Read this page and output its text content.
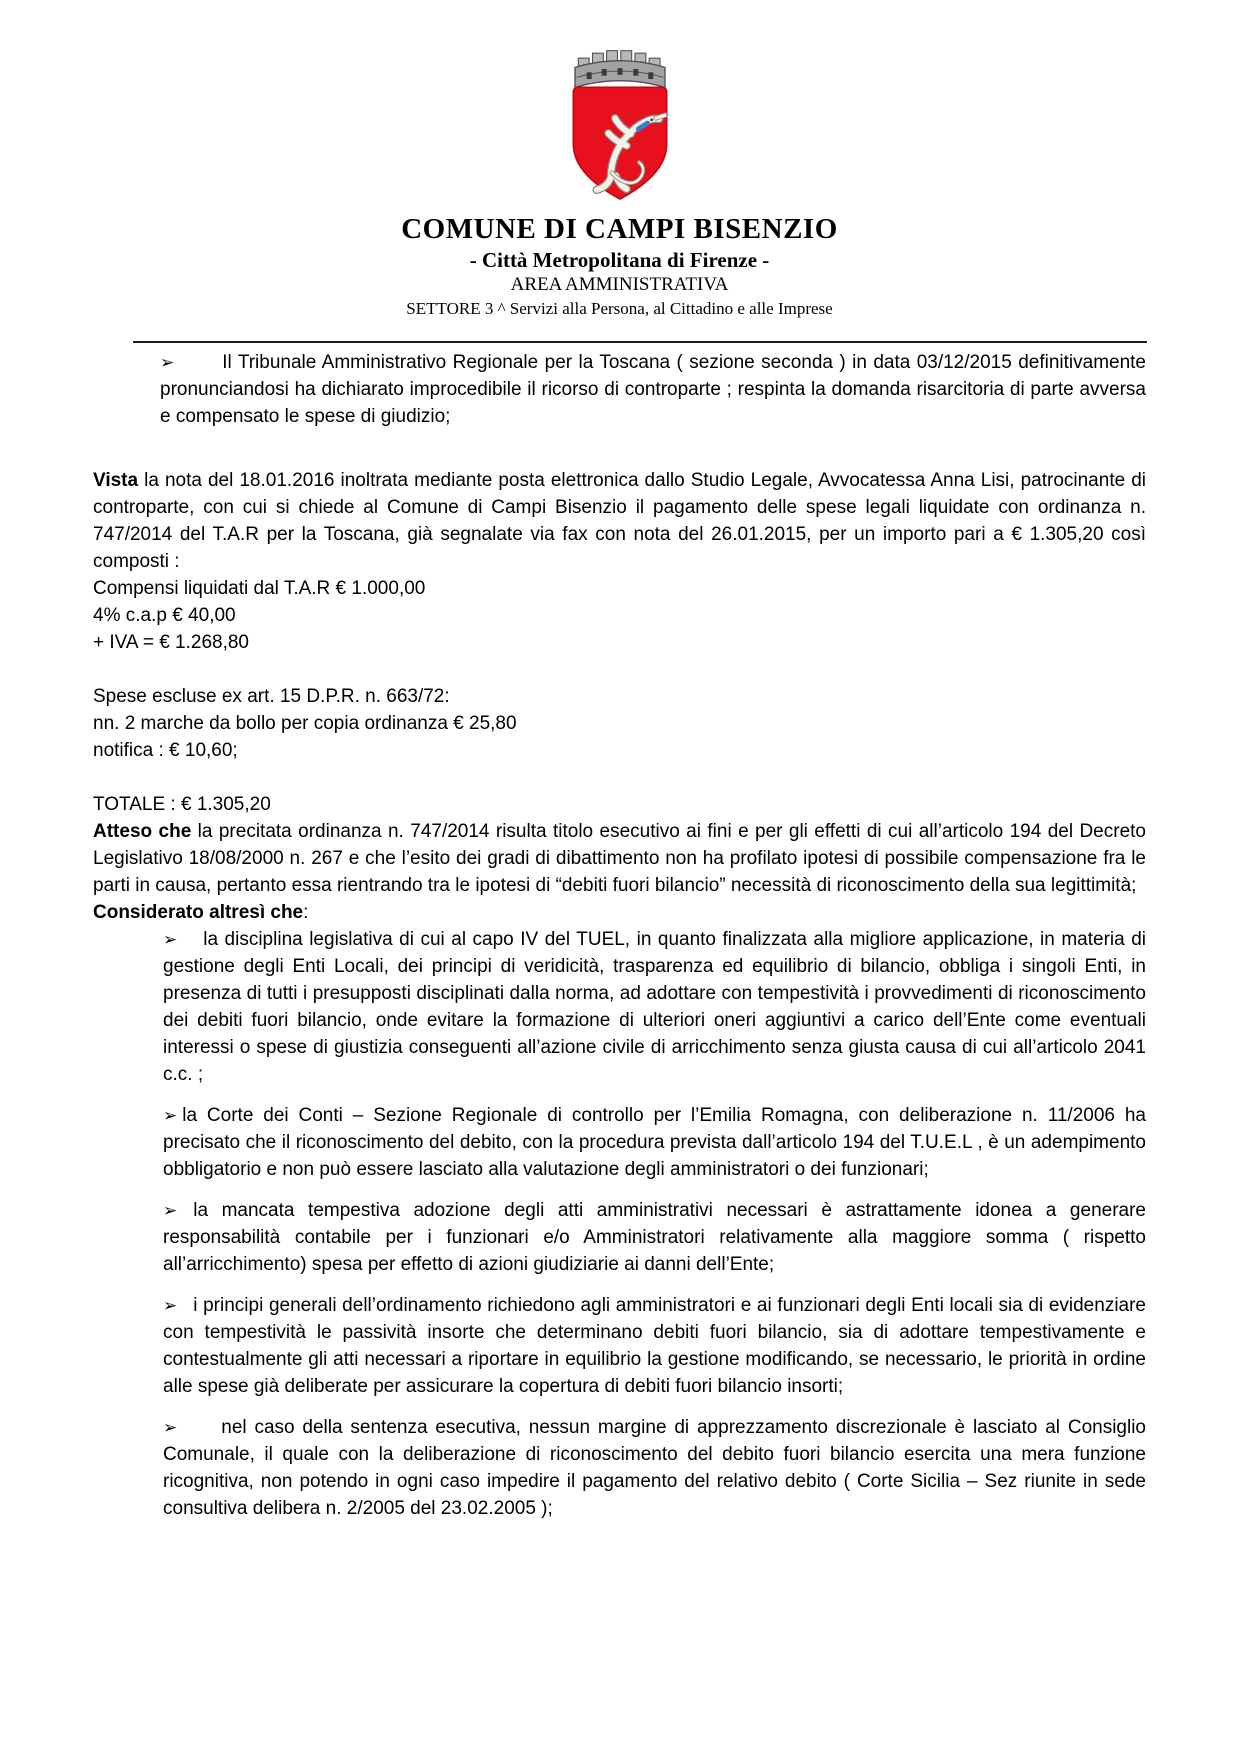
COMUNE DI CAMPI BISENZIO
- Città Metropolitana di Firenze -
AREA AMMINISTRATIVA
SETTORE 3 ^ Servizi alla Persona, al Cittadino e alle Imprese
➢	Il Tribunale Amministrativo Regionale per la Toscana ( sezione seconda ) in data 03/12/2015 definitivamente pronunciandosi ha dichiarato improcedibile il ricorso di controparte ; respinta la domanda risarcitoria di parte avversa e compensato le spese di giudizio;

Vista la nota del 18.01.2016 inoltrata mediante posta elettronica dallo Studio Legale, Avvocatessa Anna Lisi, patrocinante di controparte, con cui si chiede al Comune di Campi Bisenzio il pagamento delle spese legali liquidate con ordinanza n. 747/2014 del T.A.R per la Toscana, già segnalate via fax con nota del 26.01.2015, per un importo pari a € 1.305,20 così composti :

Compensi liquidati dal T.A.R € 1.000,00
4% c.a.p € 40,00
+ IVA = € 1.268,80
Spese escluse ex art. 15 D.P.R. n. 663/72:
nn. 2 marche da bollo per copia ordinanza € 25,80
notifica : € 10,60;

TOTALE : € 1.305,20

Atteso che la precitata ordinanza n. 747/2014 risulta titolo esecutivo ai fini e per gli effetti di cui all’articolo 194 del Decreto Legislativo 18/08/2000 n. 267 e che l’esito dei gradi di dibattimento non ha profilato ipotesi di possibile compensazione fra le parti in causa, pertanto essa rientrando tra le ipotesi di “debiti fuori bilancio” necessità di riconoscimento della sua legittimità;

Considerato altresì che:

➢ la disciplina legislativa di cui al capo IV del TUEL, in quanto finalizzata alla migliore applicazione, in materia di gestione degli Enti Locali, dei principi di veridicità, trasparenza ed equilibrio di bilancio, obbliga i singoli Enti, in presenza di tutti i presupposti disciplinati dalla norma, ad adottare con tempestività i provvedimenti di riconoscimento dei debiti fuori bilancio, onde evitare la formazione di ulteriori oneri aggiuntivi a carico dell’Ente come eventuali interessi o spese di giustizia conseguenti all’azione civile di arricchimento senza giusta causa di cui all’articolo 2041 c.c. ;
➢ la Corte dei Conti – Sezione Regionale di controllo per l’Emilia Romagna, con deliberazione n. 11/2006 ha precisato che il riconoscimento del debito, con la procedura prevista dall’articolo 194 del T.U.E.L , è un adempimento obbligatorio e non può essere lasciato alla valutazione degli amministratori o dei funzionari;
➢ la mancata tempestiva adozione degli atti amministrativi necessari è astrattamente idonea a generare responsabilità contabile per i funzionari e/o Amministratori relativamente alla maggiore somma ( rispetto all’arricchimento) spesa per effetto di azioni giudiziarie ai danni dell’Ente;
➢ i principi generali dell’ordinamento richiedono agli amministratori e ai funzionari degli Enti locali sia di evidenziare con tempestività le passività insorte che determinano debiti fuori bilancio, sia di adottare tempestivamente e contestualmente gli atti necessari a riportare in equilibrio la gestione modificando, se necessario, le priorità in ordine alle spese già deliberate per assicurare la copertura di debiti fuori bilancio insorti;
➢ nel caso della sentenza esecutiva, nessun margine di apprezzamento discrezionale è lasciato al Consiglio Comunale, il quale con la deliberazione di riconoscimento del debito fuori bilancio esercita una mera funzione ricognitiva, non potendo in ogni caso impedire il pagamento del relativo debito ( Corte Sicilia – Sez riunite in sede consultiva delibera n. 2/2005 del 23.02.2005 );
